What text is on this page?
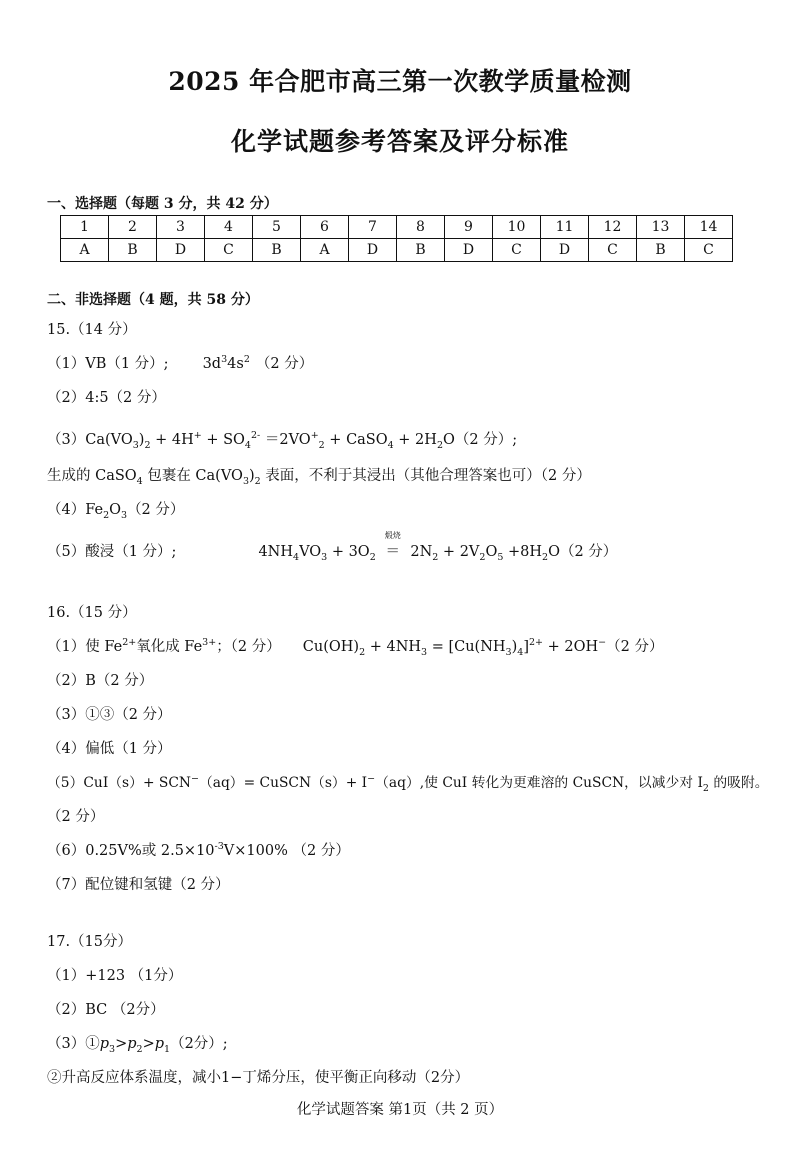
2025 年合肥市高三第一次教学质量检测
化学试题参考答案及评分标准
一、选择题（每题 3 分，共 42 分）
1	2	3	4	5	6	7	8	9	10	11	12	13	14
A	B	D	C	B	A	D	B	D	C	D	C	B	C
二、非选择题（4 题，共 58 分）
15.（14 分）
（1）VB（1 分）; $3d^34s^2$ （2 分）
（2）4:5（2 分）
$(3)Ca(VO_3)_2 + 4H^+ + SO_4^{2-} =2VO^+_2$ + CaSO$_4$ + $2H_2O(2$ 分）;
生成的 CaSO$_4$ 包裹在 $Ca(VO_3)_2$ 表面，不利于其浸出（其他合理答案也可）（2 分）
$(4)Fe_2O_3(2$ 分）
（5）酸浸（1 分）;	$4NH_4VO_3 + 3O_2$
煅烧
＝ $2N_2 + 2V_2O_5 +8H_2O(2$ 分）
16.（15 分）
（1）使 $Fe^{2+}$氧化成 $Fe^{3+}$；（2 分） $Cu(OH)_2 + 4NH_3 = [Cu(NH_3)_4]^{2+} + 2OH^-(2$ 分）
（2）B（2 分）
（3）①③（2 分）
（4）偏低（1 分）
（5）CuI（s）+ SCN−（aq）= CuSCN（s）+ I−（aq）,使 CuI 转化为更难溶的 CuSCN，以减少对 $I_2$ 的吸附。
（2 分）
（6）0.25V%或 $2.5\times 10^{-3}V\times 100\%$ （2 分）
（7）配位键和氢键（2 分）
17.（15分）
（1）+123 （1分）
（2）BC （2分）
$(3)①p_3>p_2>p_1(2$分）;
②升高反应体系温度，减小1−丁烯分压，使平衡正向移动（2分）
化学试题答案 第1页（共 2 页）
